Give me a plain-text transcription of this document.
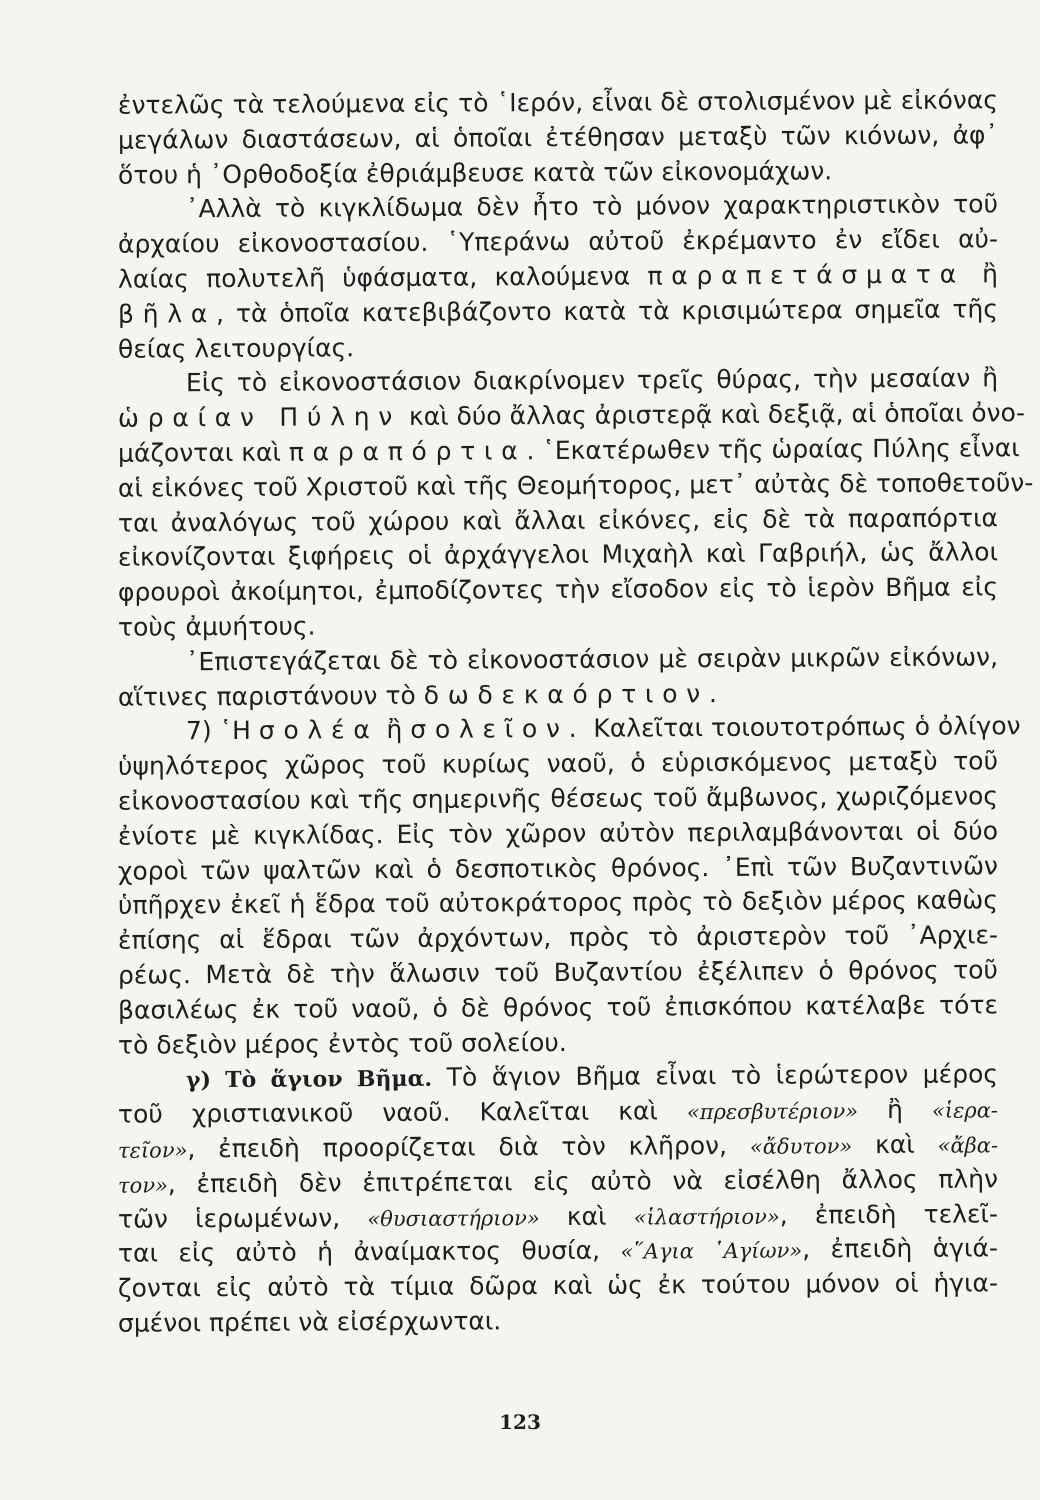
ἐντελῶς τὰ τελούμενα εἰς τὸ ῾Ιερόν, εἶναι δὲ στολισμένον μὲ εἰκόνας
μεγάλων διαστάσεων, αἱ ὁποῖαι ἐτέθησαν μεταξὺ τῶν κιόνων, ἀφ᾽
ὅτου ἡ ᾽Ορθοδοξία ἐθριάμβευσε κατὰ τῶν εἰκονομάχων.
᾽Αλλὰ τὸ κιγκλίδωμα δὲν ἦτο τὸ μόνον χαρακτηριστικὸν τοῦ
ἀρχαίου εἰκονοστασίου. ῾Υπεράνω αὐτοῦ ἐκρέμαντο ἐν εἴδει αὐ-
λαίας πολυτελῆ ὑφάσματα, καλούμενα παραπετάσματα ἢ
βῆλα, τὰ ὁποῖα κατεβιβάζοντο κατὰ τὰ κρισιμώτερα σημεῖα τῆς
θείας λειτουργίας.
Εἰς τὸ εἰκονοστάσιον διακρίνομεν τρεῖς θύρας, τὴν μεσαίαν ἢ
ὡραίαν Πύλην καὶ δύο ἄλλας ἀριστερᾷ καὶ δεξιᾷ, αἱ ὁποῖαι ὀνο-
μάζονται καὶ παραπόρτια. ῾Εκατέρωθεν τῆς ὡραίας Πύλης εἶναι
αἱ εἰκόνες τοῦ Χριστοῦ καὶ τῆς Θεομήτορος, μετ᾽ αὐτὰς δὲ τοποθετοῦν-
ται ἀναλόγως τοῦ χώρου καὶ ἄλλαι εἰκόνες, εἰς δὲ τὰ παραπόρτια
εἰκονίζονται ξιφήρεις οἱ ἀρχάγγελοι Μιχαὴλ καὶ Γαβριήλ, ὡς ἄλλοι
φρουροὶ ἀκοίμητοι, ἐμποδίζοντες τὴν εἴσοδον εἰς τὸ ἱερὸν Βῆμα εἰς
τοὺς ἀμυήτους.
᾽Επιστεγάζεται δὲ τὸ εἰκονοστάσιον μὲ σειρὰν μικρῶν εἰκόνων,
αἵτινες παριστάνουν τὸ δωδεκαόρτιον.
7) ῾Η σολέα ἢ σολεῖον. Καλεῖται τοιουτοτρόπως ὁ ὀλίγον
ὑψηλότερος χῶρος τοῦ κυρίως ναοῦ, ὁ εὑρισκόμενος μεταξὺ τοῦ
εἰκονοστασίου καὶ τῆς σημερινῆς θέσεως τοῦ ἄμβωνος, χωριζόμενος
ἐνίοτε μὲ κιγκλίδας. Εἰς τὸν χῶρον αὐτὸν περιλαμβάνονται οἱ δύο
χοροὶ τῶν ψαλτῶν καὶ ὁ δεσποτικὸς θρόνος. ᾽Επὶ τῶν Βυζαντινῶν
ὑπῆρχεν ἐκεῖ ἡ ἕδρα τοῦ αὐτοκράτορος πρὸς τὸ δεξιὸν μέρος καθὼς
ἐπίσης αἱ ἕδραι τῶν ἀρχόντων, πρὸς τὸ ἀριστερὸν τοῦ ᾽Αρχιε-
ρέως. Μετὰ δὲ τὴν ἅλωσιν τοῦ Βυζαντίου ἐξέλιπεν ὁ θρόνος τοῦ
βασιλέως ἐκ τοῦ ναοῦ, ὁ δὲ θρόνος τοῦ ἐπισκόπου κατέλαβε τότε
τὸ δεξιὸν μέρος ἐντὸς τοῦ σολείου.
γ) Τὸ ἅγιον Βῆμα. Τὸ ἅγιον Βῆμα εἶναι τὸ ἱερώτερον μέρος
τοῦ χριστιανικοῦ ναοῦ. Καλεῖται καὶ «πρεσβυτέριον» ἢ «ἱερα-
τεῖον», ἐπειδὴ προορίζεται διὰ τὸν κλῆρον, «ἄδυτον» καὶ «ἄβα-
τον», ἐπειδὴ δὲν ἐπιτρέπεται εἰς αὐτὸ νὰ εἰσέλθη ἄλλος πλὴν
τῶν ἱερωμένων, «θυσιαστήριον» καὶ «ἱλαστήριον», ἐπειδὴ τελεῖ-
ται εἰς αὐτὸ ἡ ἀναίμακτος θυσία, «῞Αγια ῾Αγίων», ἐπειδὴ ἁγιά-
ζονται εἰς αὐτὸ τὰ τίμια δῶρα καὶ ὡς ἐκ τούτου μόνον οἱ ἡγια-
σμένοι πρέπει νὰ εἰσέρχωνται.
123
